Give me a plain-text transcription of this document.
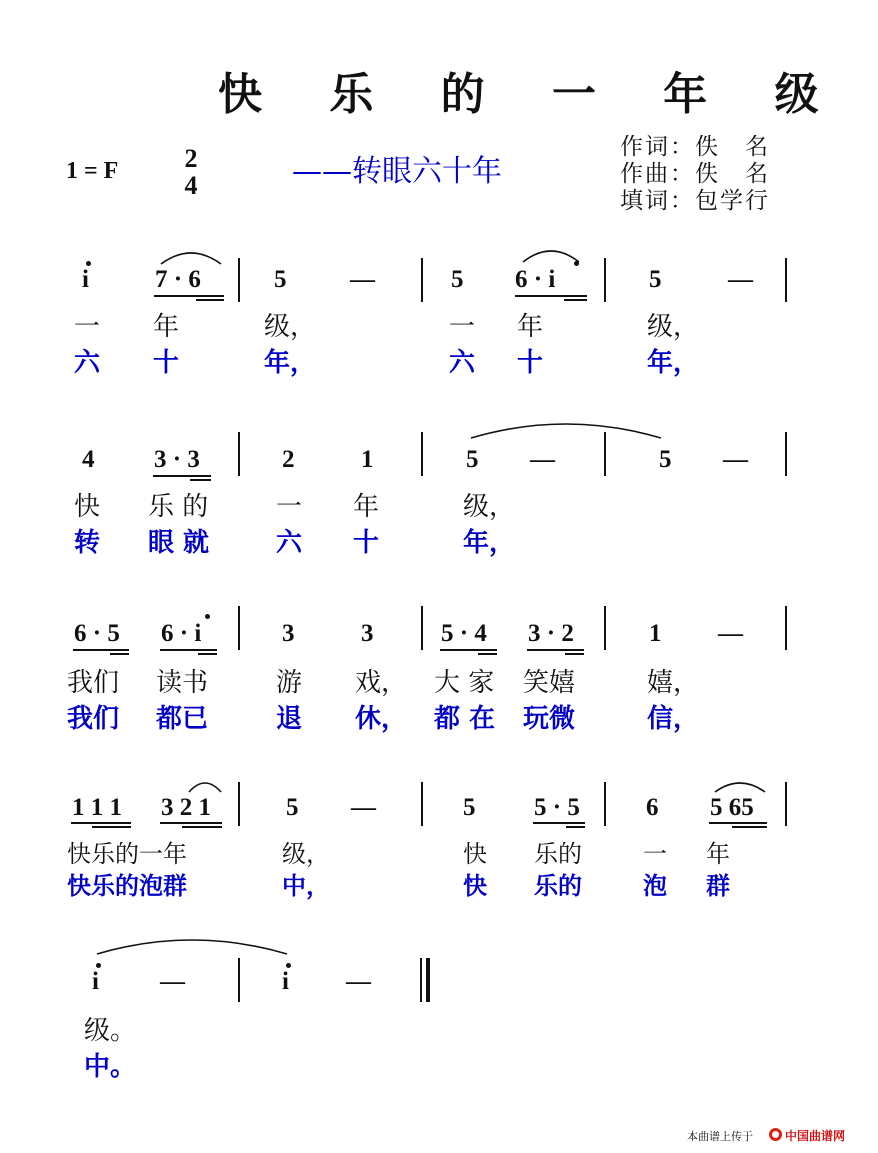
快 乐 的 一 年 级
1 = F	2
4	——转眼六十年
作词：佚　名
作曲：佚　名
填词：包学行
i	7 · 6	5	—	5 6 · i	5	—
一 年	级，	一 年	级，
六 十	年，	六 十	年，
4 3 · 3	2	1	5 —	5 —
快 乐 的	一 年	级，
转 眼 就	六 十	年，
6 · 5 6 · i	3	3	5 · 4 3 · 2	1 —
我们 读书	游 戏， 大 家 笑嬉	嬉，
我们 都已	退 休， 都 在 玩微	信，
1 1 1 3 2 1	5 —	5 5 · 5	6 5 65
快乐的一年	级，	快 乐的	一 年
快乐的泡群	中，	快 乐的	泡 群
i —	i —
级。
中。
本曲谱上传于	中国曲谱网
